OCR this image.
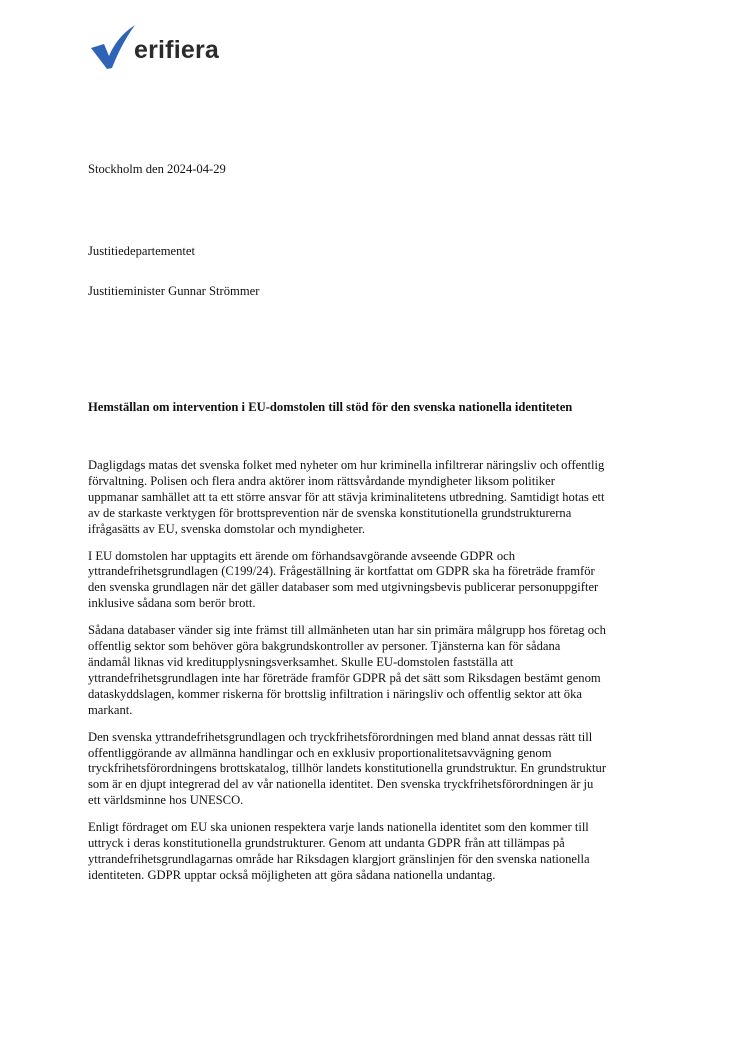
erifiera

Stockholm den 2024-04-29

Justitiedepartementet

Justitieminister Gunnar Strömmer

Hemställan om intervention i EU-domstolen till stöd för den svenska nationella identiteten

Dagligdags matas det svenska folket med nyheter om hur kriminella infiltrerar näringsliv och offentlig
förvaltning. Polisen och flera andra aktörer inom rättsvårdande myndigheter liksom politiker
uppmanar samhället att ta ett större ansvar för att stävja kriminalitetens utbredning. Samtidigt hotas ett
av de starkaste verktygen för brottsprevention när de svenska konstitutionella grundstrukturerna
ifrågasätts av EU, svenska domstolar och myndigheter.

I EU domstolen har upptagits ett ärende om förhandsavgörande avseende GDPR och
yttrandefrihetsgrundlagen (C199/24). Frågeställning är kortfattat om GDPR ska ha företräde framför
den svenska grundlagen när det gäller databaser som med utgivningsbevis publicerar personuppgifter
inklusive sådana som berör brott.

Sådana databaser vänder sig inte främst till allmänheten utan har sin primära målgrupp hos företag och
offentlig sektor som behöver göra bakgrundskontroller av personer. Tjänsterna kan för sådana
ändamål liknas vid kreditupplysningsverksamhet. Skulle EU-domstolen fastställa att
yttrandefrihetsgrundlagen inte har företräde framför GDPR på det sätt som Riksdagen bestämt genom
dataskyddslagen, kommer riskerna för brottslig infiltration i näringsliv och offentlig sektor att öka
markant.

Den svenska yttrandefrihetsgrundlagen och tryckfrihetsförordningen med bland annat dessas rätt till
offentliggörande av allmänna handlingar och en exklusiv proportionalitetsavvägning genom
tryckfrihetsförordningens brottskatalog, tillhör landets konstitutionella grundstruktur. En grundstruktur
som är en djupt integrerad del av vår nationella identitet. Den svenska tryckfrihetsförordningen är ju
ett världsminne hos UNESCO.

Enligt fördraget om EU ska unionen respektera varje lands nationella identitet som den kommer till
uttryck i deras konstitutionella grundstrukturer. Genom att undanta GDPR från att tillämpas på
yttrandefrihetsgrundlagarnas område har Riksdagen klargjort gränslinjen för den svenska nationella
identiteten. GDPR upptar också möjligheten att göra sådana nationella undantag.
